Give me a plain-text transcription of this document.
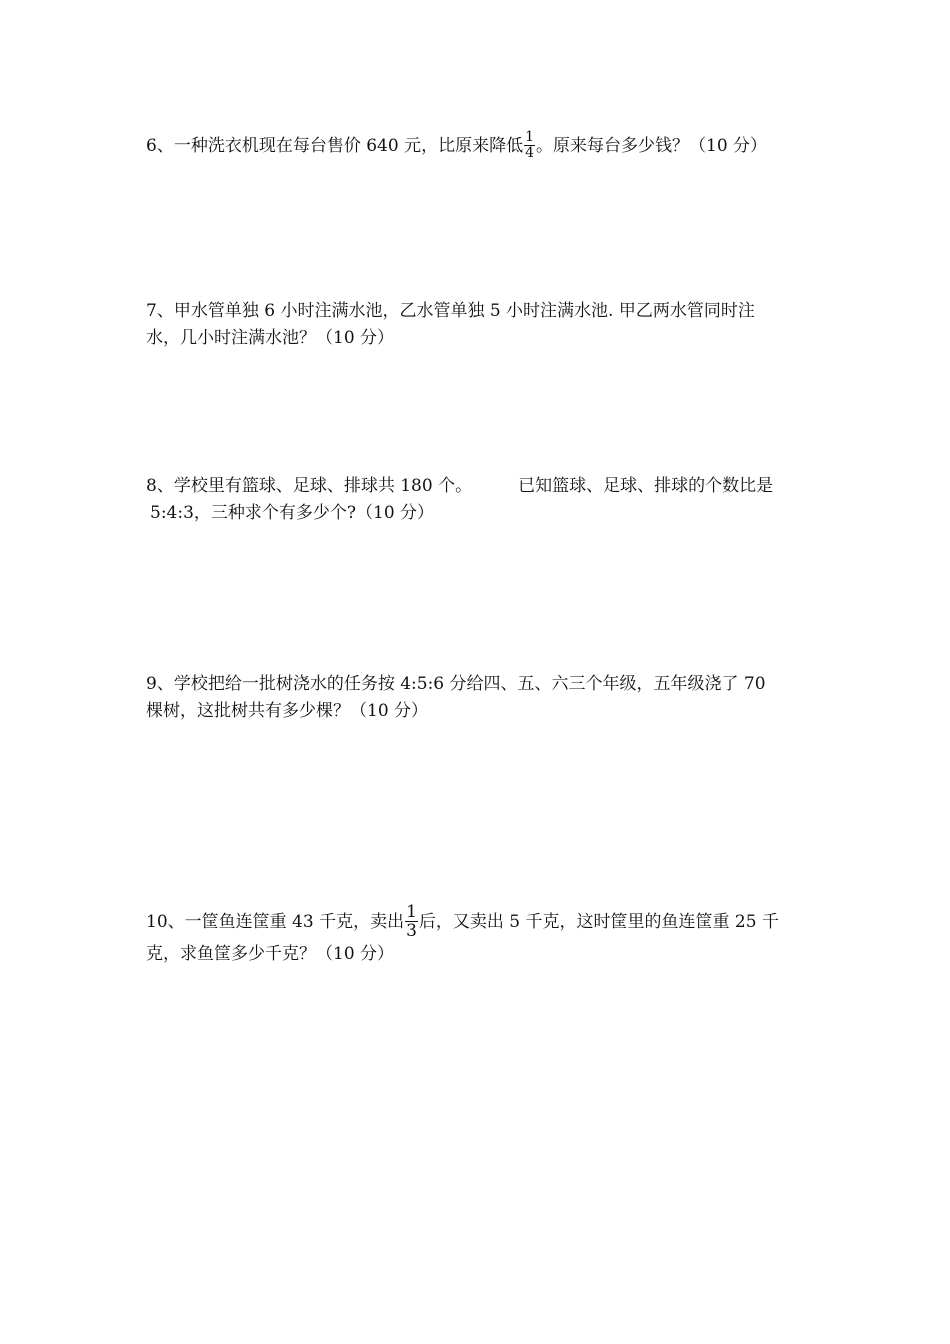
6、一种洗衣机现在每台售价 640 元，比原来降低 $\frac{1}{4}$ 。原来每台多少钱？（10 分）
7、甲水管单独 6 小时注满水池，乙水管单独 5 小时注满水池. 甲乙两水管同时注
水，几小时注满水池？（10 分）
8、学校里有篮球、足球、排球共 180 个。	已知篮球、足球、排球的个数比是
5:4:3，三种求个有多少个?（10 分）
9、学校把给一批树浇水的任务按 4:5:6 分给四、五、六三个年级，五年级浇了 70
棵树，这批树共有多少棵？（10 分）
10、一筐鱼连筐重 43 千克，卖出 $\frac{1}{3}$ 后，又卖出 5 千克，这时筐里的鱼连筐重 25 千
克，求鱼筐多少千克？（10 分）
